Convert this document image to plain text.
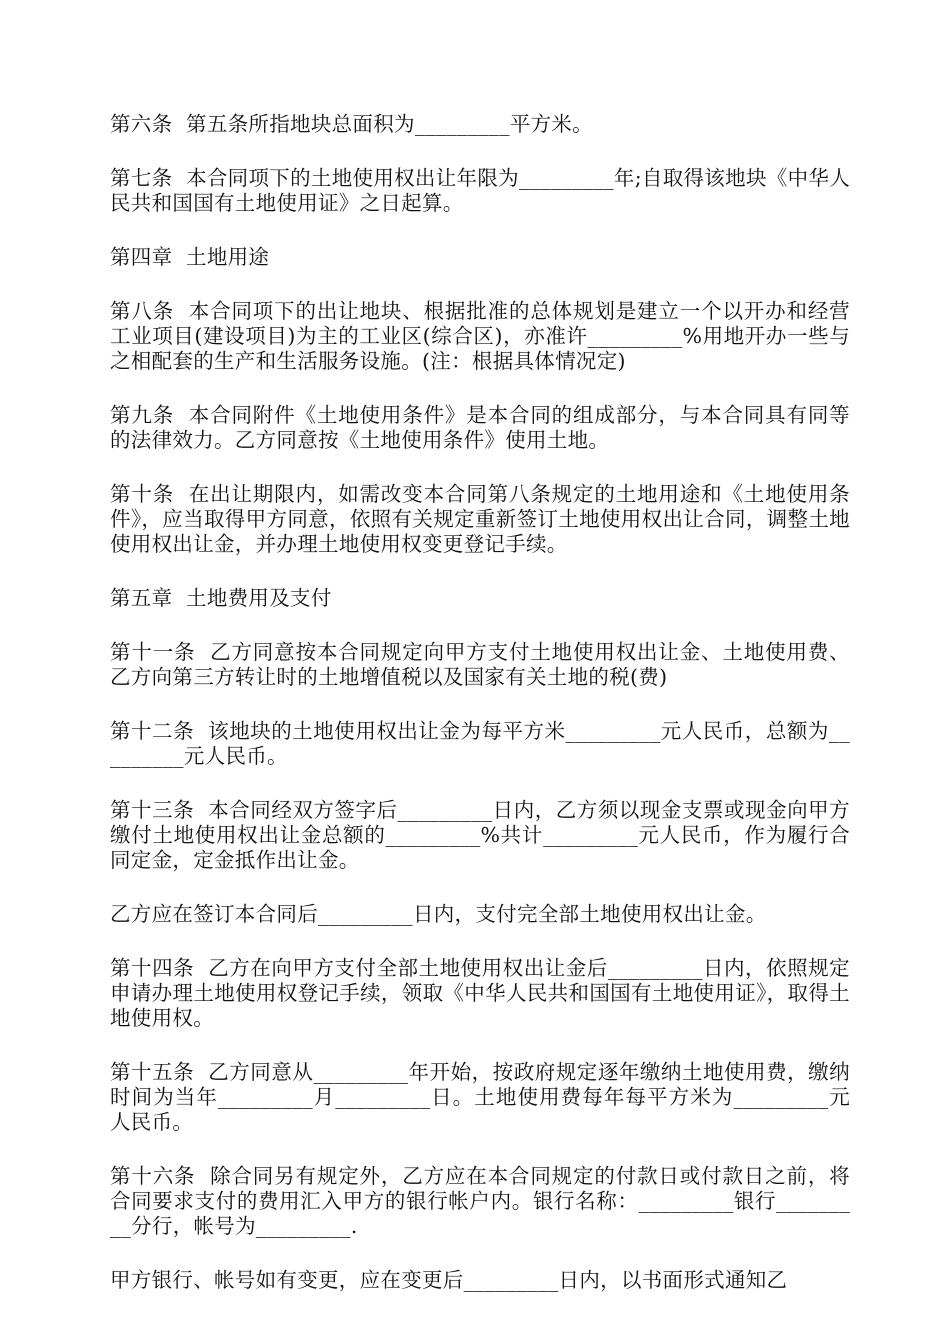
第六条  第五条所指地块总面积为_________平方米。

第七条  本合同项下的土地使用权出让年限为_________年;自取得该地块《中华人民共和国国有土地使用证》之日起算。

第四章  土地用途

第八条  本合同项下的出让地块、根据批准的总体规划是建立一个以开办和经营工业项目(建设项目)为主的工业区(综合区)，亦准许_________%用地开办一些与之相配套的生产和生活服务设施。(注：根据具体情况定)

第九条  本合同附件《土地使用条件》是本合同的组成部分，与本合同具有同等的法律效力。乙方同意按《土地使用条件》使用土地。

第十条  在出让期限内，如需改变本合同第八条规定的土地用途和《土地使用条件》，应当取得甲方同意，依照有关规定重新签订土地使用权出让合同，调整土地使用权出让金，并办理土地使用权变更登记手续。

第五章  土地费用及支付

第十一条  乙方同意按本合同规定向甲方支付土地使用权出让金、土地使用费、乙方向第三方转让时的土地增值税以及国家有关土地的税(费)

第十二条  该地块的土地使用权出让金为每平方米_________元人民币，总额为_________元人民币。

第十三条  本合同经双方签字后_________日内，乙方须以现金支票或现金向甲方缴付土地使用权出让金总额的_________%共计_________元人民币，作为履行合同定金，定金抵作出让金。

乙方应在签订本合同后_________日内，支付完全部土地使用权出让金。

第十四条  乙方在向甲方支付全部土地使用权出让金后_________日内，依照规定申请办理土地使用权登记手续，领取《中华人民共和国国有土地使用证》，取得土地使用权。

第十五条  乙方同意从_________年开始，按政府规定逐年缴纳土地使用费，缴纳时间为当年_________月_________日。土地使用费每年每平方米为_________元人民币。

第十六条  除合同另有规定外，乙方应在本合同规定的付款日或付款日之前，将合同要求支付的费用汇入甲方的银行帐户内。银行名称：_________银行_________分行，帐号为_________.

甲方银行、帐号如有变更，应在变更后_________日内，以书面形式通知乙
